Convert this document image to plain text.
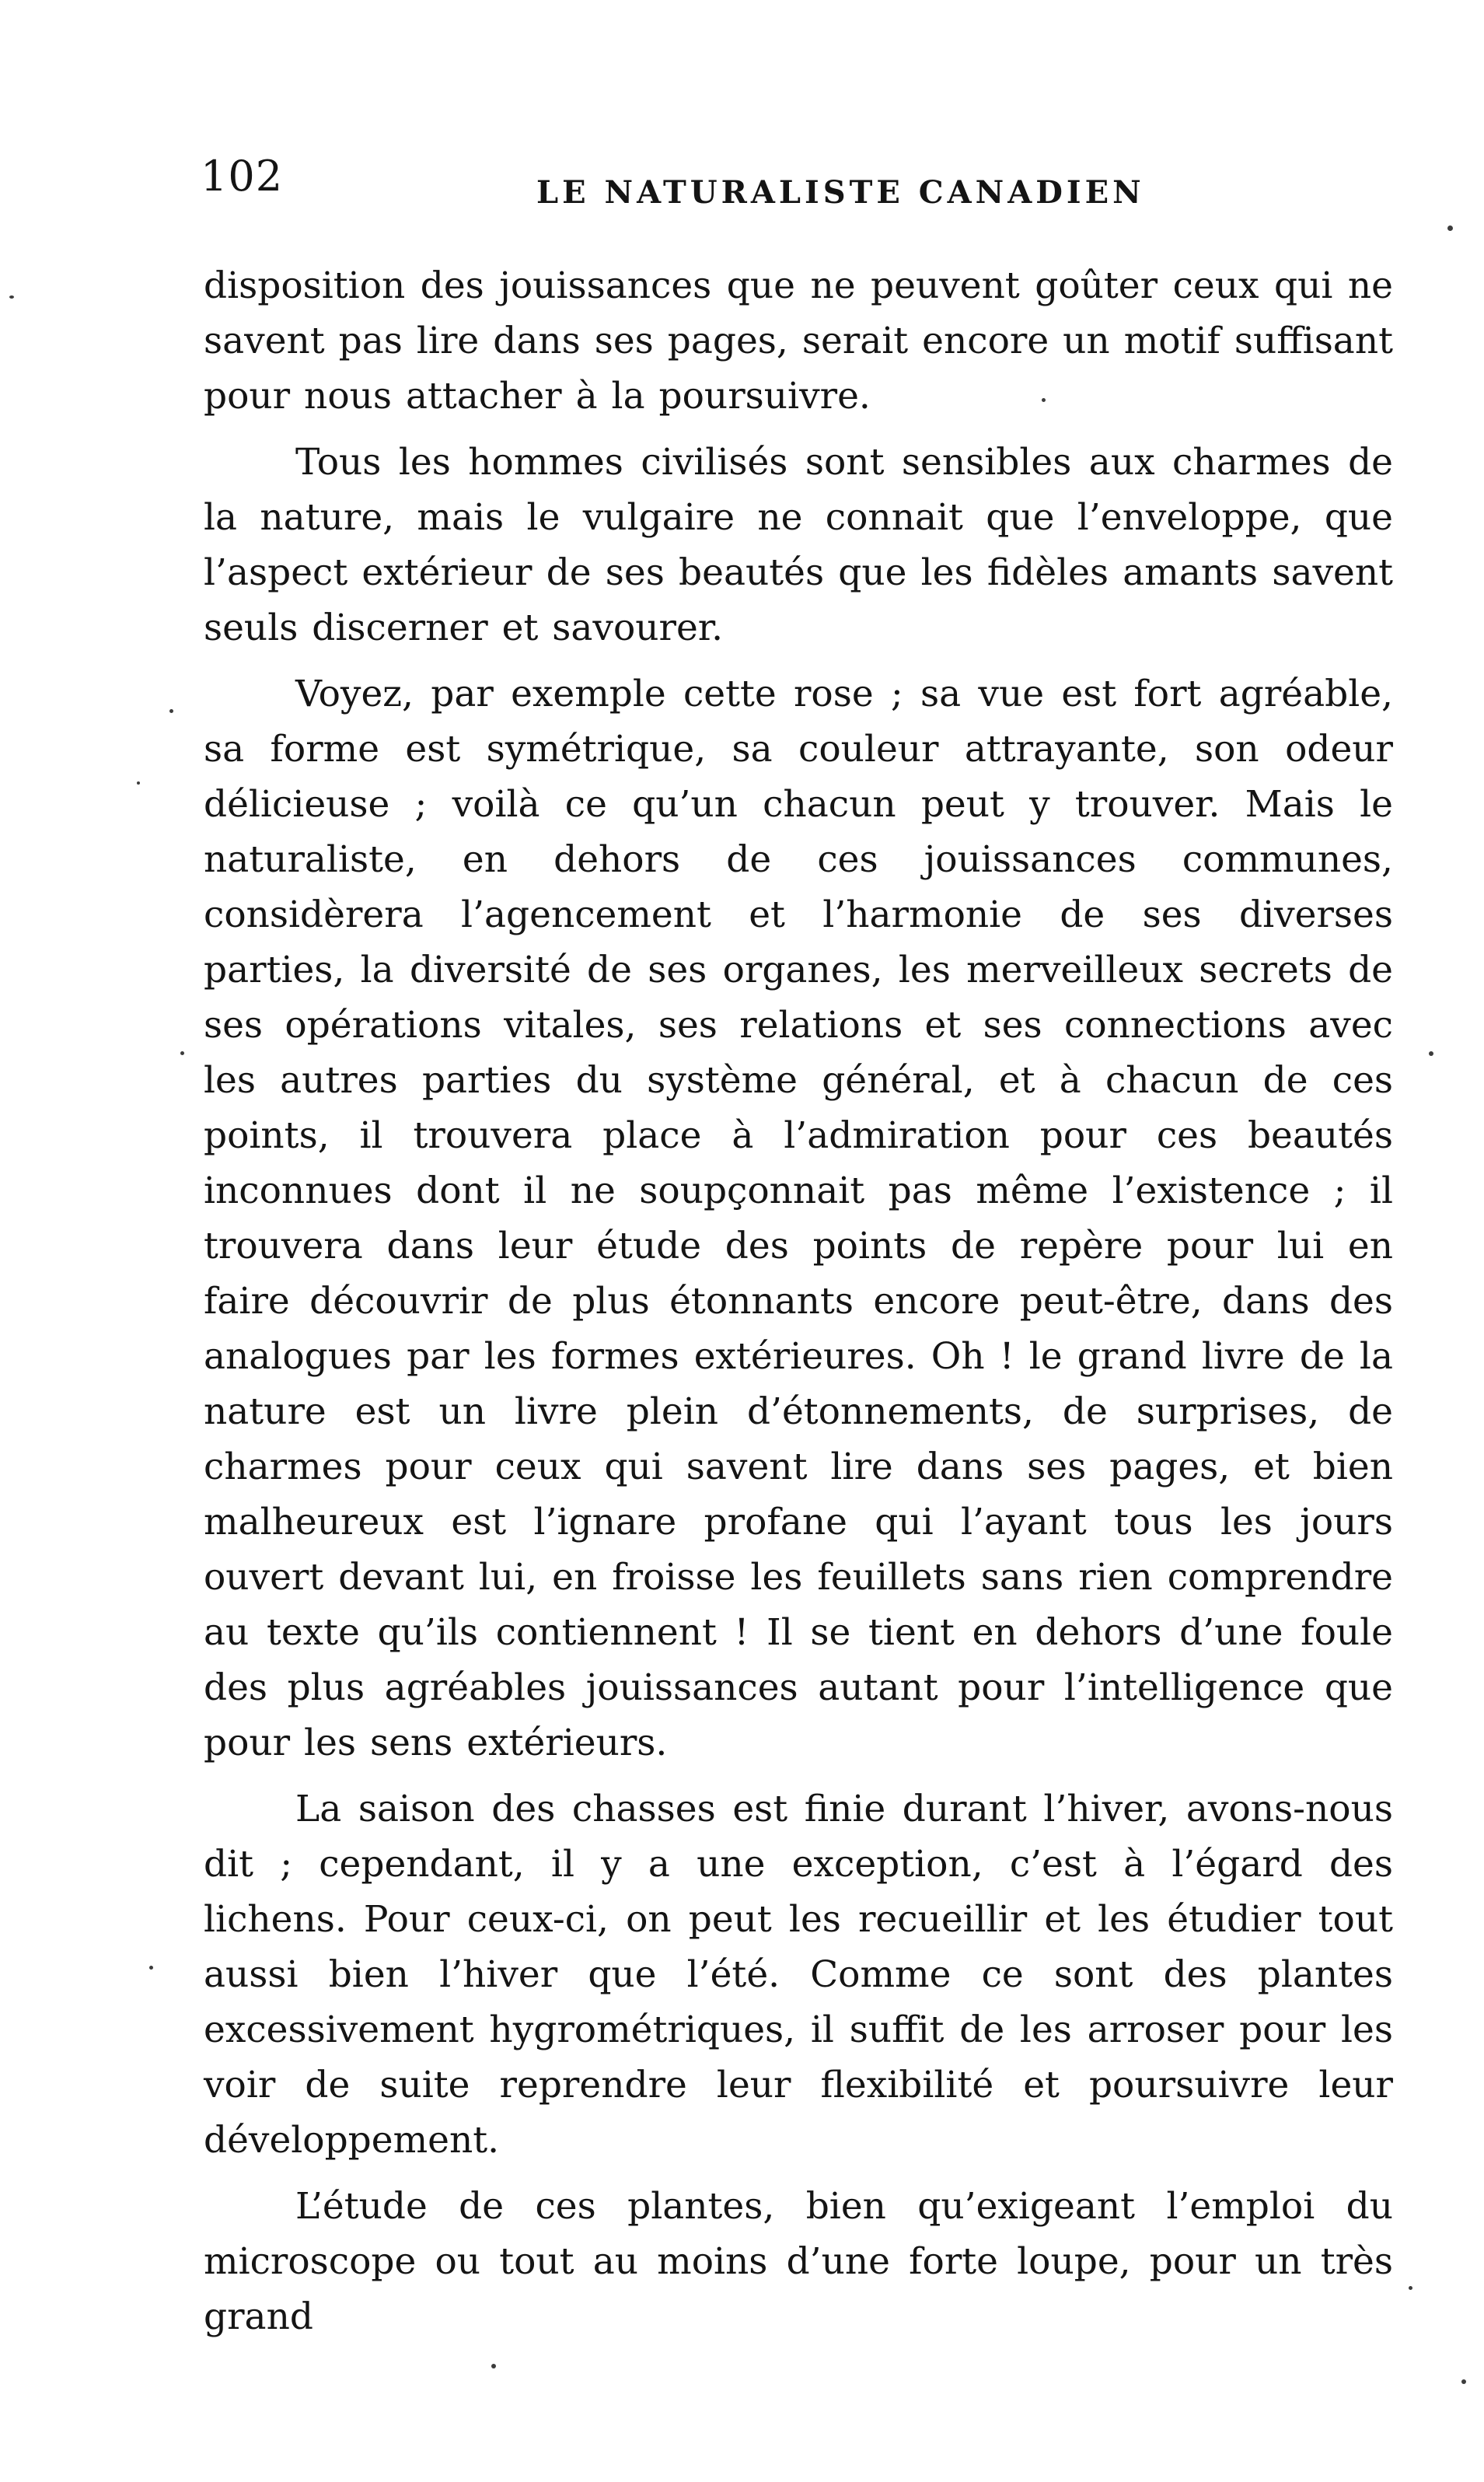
102	LE NATURALISTE CANADIEN

disposition des jouissances que ne peuvent goûter ceux qui ne savent pas lire dans ses pages, serait encore un motif suffisant pour nous attacher à la poursuivre.

Tous les hommes civilisés sont sensibles aux charmes de la nature, mais le vulgaire ne connait que l’enveloppe, que l’aspect extérieur de ses beautés que les fidèles amants savent seuls discerner et savourer.

Voyez, par exemple cette rose ; sa vue est fort agréable, sa forme est symétrique, sa couleur attrayante, son odeur délicieuse ; voilà ce qu’un chacun peut y trouver. Mais le naturaliste, en dehors de ces jouissances communes, considèrera l’agencement et l’harmonie de ses diverses parties, la diversité de ses organes, les merveilleux secrets de ses opérations vitales, ses relations et ses connections avec les autres parties du système général, et à chacun de ces points, il trouvera place à l’admiration pour ces beautés inconnues dont il ne soupçonnait pas même l’existence ; il trouvera dans leur étude des points de repère pour lui en faire découvrir de plus étonnants encore peut-être, dans des analogues par les formes extérieures. Oh ! le grand livre de la nature est un livre plein d’étonnements, de surprises, de charmes pour ceux qui savent lire dans ses pages, et bien malheureux est l’ignare profane qui l’ayant tous les jours ouvert devant lui, en froisse les feuillets sans rien comprendre au texte qu’ils contiennent ! Il se tient en dehors d’une foule des plus agréables jouissances autant pour l’intelligence que pour les sens extérieurs.

La saison des chasses est finie durant l’hiver, avons-nous dit ; cependant, il y a une exception, c’est à l’égard des lichens. Pour ceux-ci, on peut les recueillir et les étudier tout aussi bien l’hiver que l’été. Comme ce sont des plantes excessivement hygrométriques, il suffit de les arroser pour les voir de suite reprendre leur flexibilité et poursuivre leur développement.

L’étude de ces plantes, bien qu’exigeant l’emploi du microscope ou tout au moins d’une forte loupe, pour un très grand
